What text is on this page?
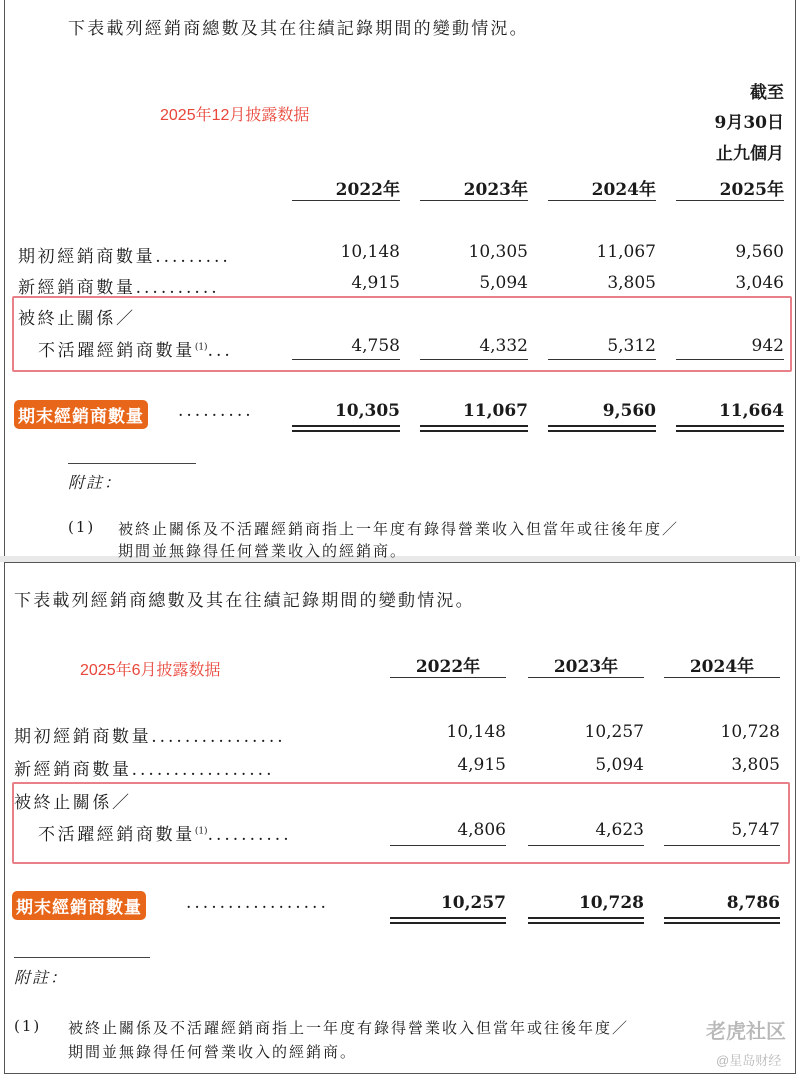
下表載列經銷商總數及其在往績記錄期間的變動情況。
2025年12月披露数据
截至
9月30日
止九個月
2022年	2023年	2024年	2025年
期初經銷商數量.........	10,148	10,305	11,067	9,560
新經銷商數量..........	4,915	5,094	3,805	3,046
被終止關係／
不活躍經銷商數量$^{(1)}$...	4,758	4,332	5,312	942
期末經銷商數量 .........	10,305	11,067	9,560	11,664
附註：
(1) 被終止關係及不活躍經銷商指上一年度有錄得營業收入但當年或往後年度／
期間並無錄得任何營業收入的經銷商。
下表載列經銷商總數及其在往績記錄期間的變動情況。
2025年6月披露数据	2022年	2023年	2024年
期初經銷商數量................	10,148	10,257	10,728
新經銷商數量.................	4,915	5,094	3,805
被終止關係／
不活躍經銷商數量$^{(1)}$..........	4,806	4,623	5,747
期末經銷商數量	.................	10,257	10,728	8,786
附註：
(1) 被終止關係及不活躍經銷商指上一年度有錄得營業收入但當年或往後年度／
期間並無錄得任何營業收入的經銷商。
老虎社区
@星岛财经
